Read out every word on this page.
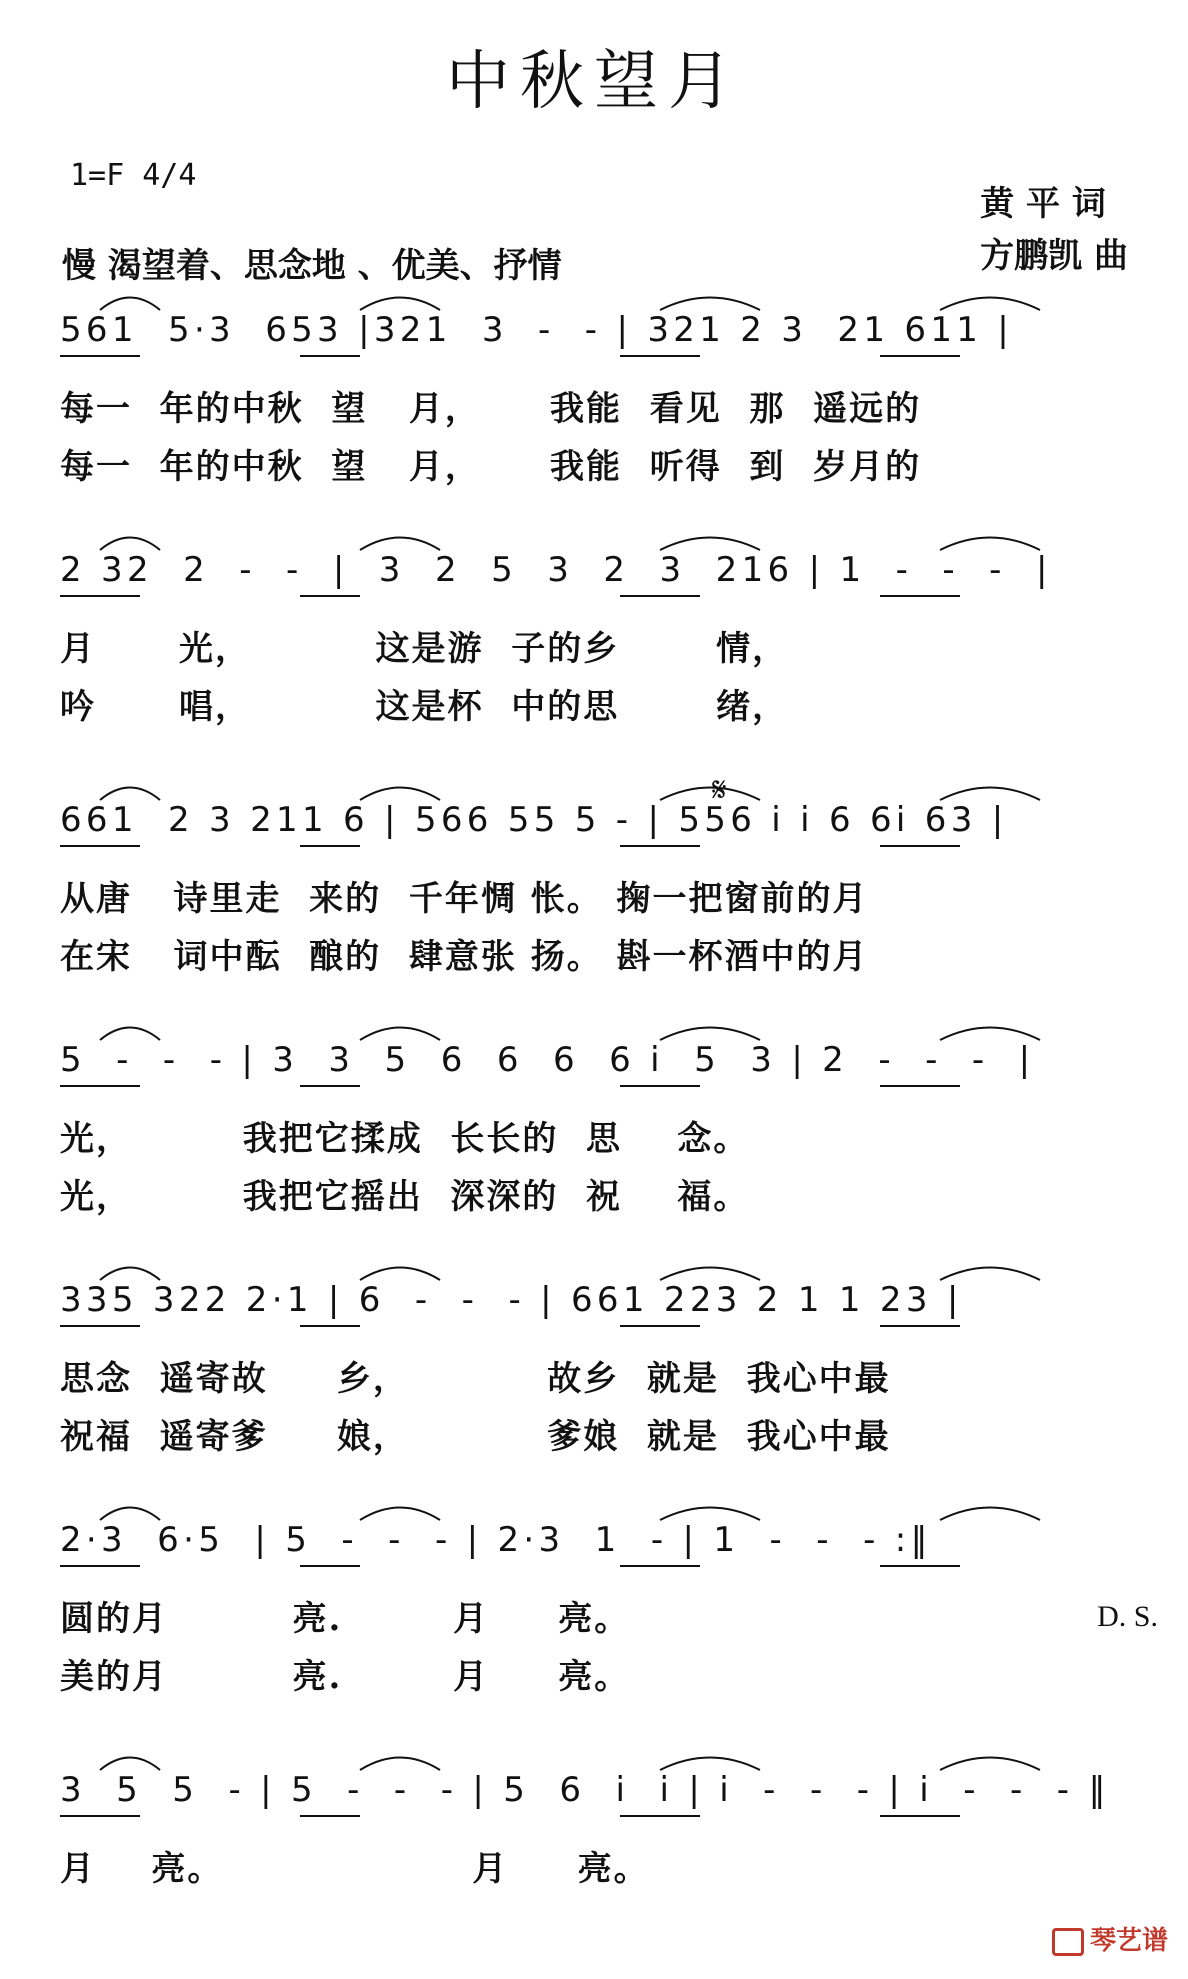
中秋望月
1=F 4/4
黄 平 词
方鹏凯 曲
慢 渴望着、思念地 、优美、抒情
𝄋
D. S.
561  5·3  653 |321  3  -  - | 321 2 3  21 611 |
每一  年的中秋  望   月，     我能  看见  那  遥远的
每一  年的中秋  望   月，     我能  听得  到  岁月的
2 32  2  -  -  |  3  2  5  3  2  3  216 | 1  -  -  -  |
月      光，         这是游  子的乡       情，
吟      唱，         这是杯  中的思       绪，
661  2 3 211 6 | 566 55 5 - | 556 i i 6 6i 63 |
从唐   诗里走  来的  千年惆 怅。 掬一把窗前的月
在宋   词中酝  酿的  肆意张 扬。 斟一杯酒中的月
5  -  -  - | 3  3  5  6  6  6  6 i  5  3 | 2  -  -  -  |
光，        我把它揉成  长长的  思    念。
光，        我把它摇出  深深的  祝    福。
335 322 2·1 | 6  -  -  - | 661 223 2 1 1 23 |
思念  遥寄故     乡，          故乡  就是  我心中最
祝福  遥寄爹     娘，          爹娘  就是  我心中最
2·3  6·5  | 5  -  -  - | 2·3  1  - | 1  -  -  - :‖
圆的月         亮.        月     亮。
美的月         亮.        月     亮。
3  5  5  - | 5  -  -  - | 5  6  i  i | i  -  -  - | i  -  -  - ‖
月    亮。                  月     亮。
琴艺谱
